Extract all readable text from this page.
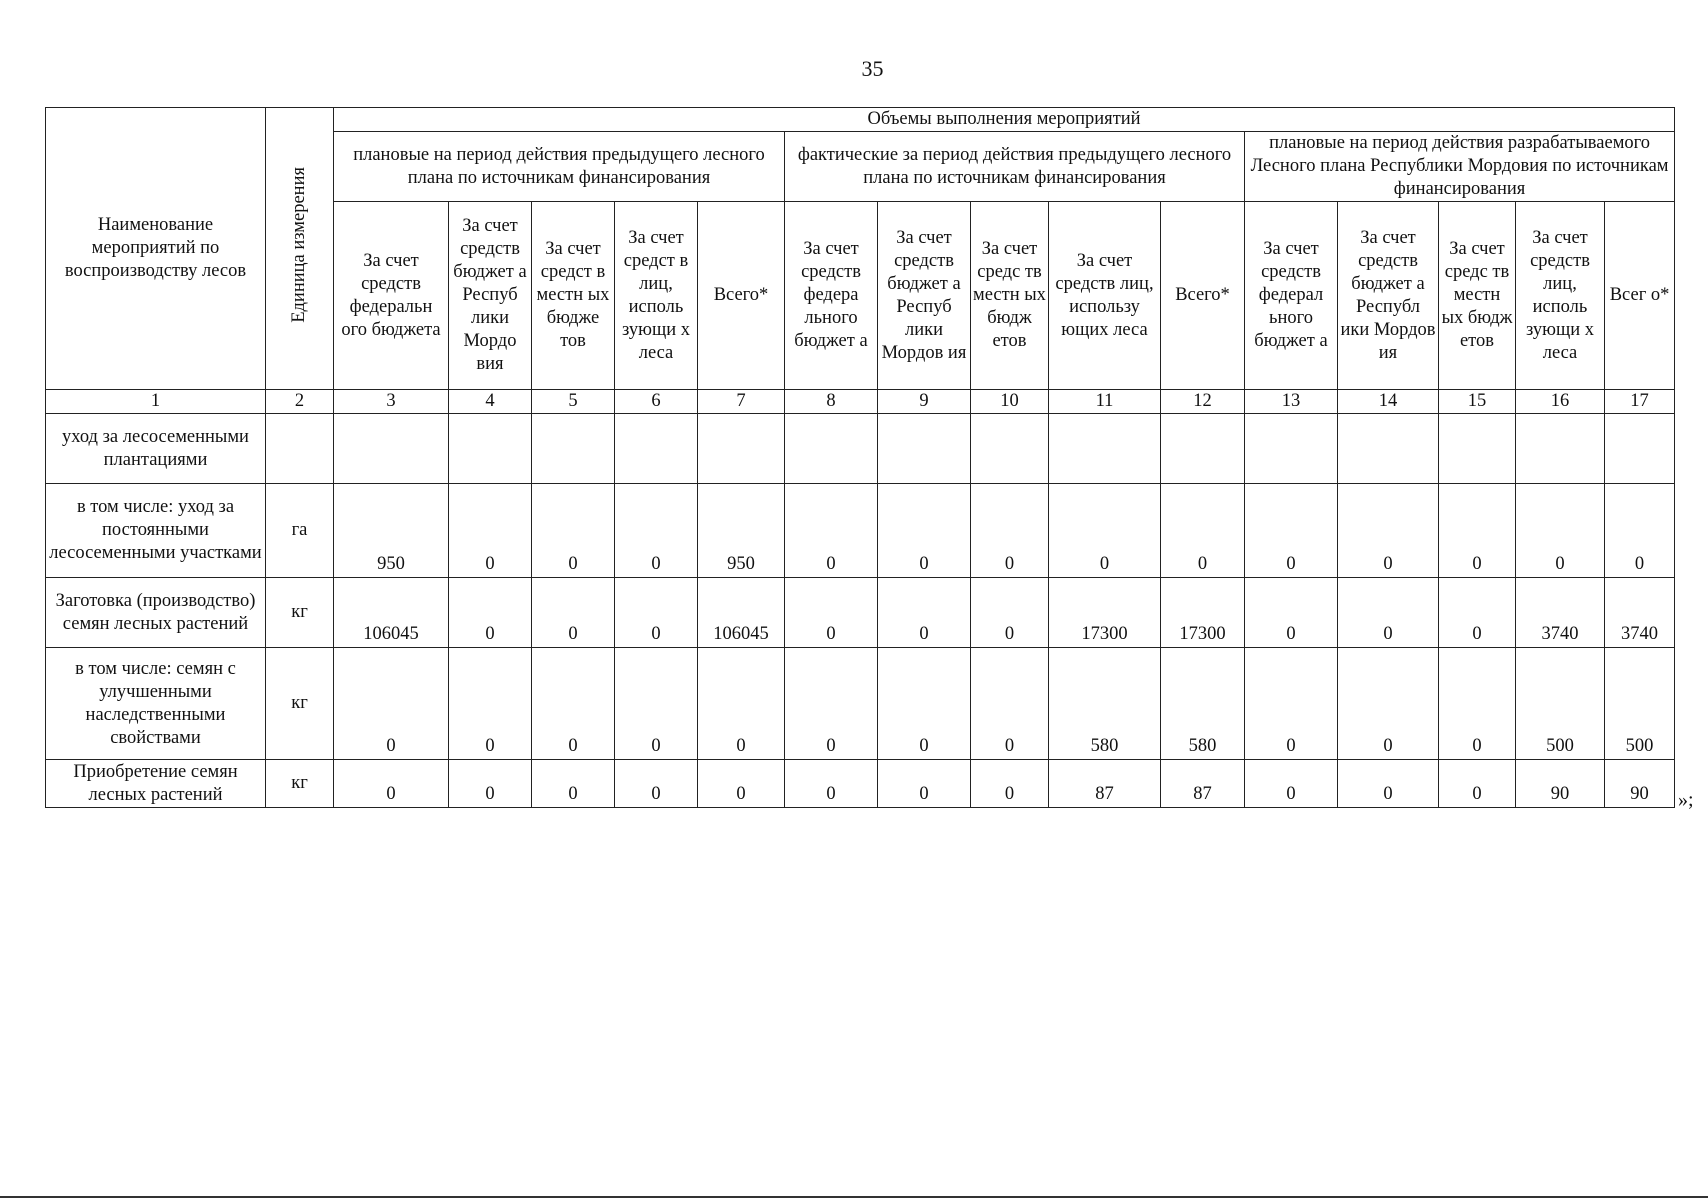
35
Наименование мероприятий по воспроизводству лесов	Единица измерения	Объемы выполнения мероприятий														
		плановые на период действия предыдущего лесного плана по источникам финансирования					фактические за период действия предыдущего лесного плана по источникам финансирования					плановые на период действия разрабатываемого Лесного плана Республики Мордовия по источникам финансирования				
		За счет средств федеральн ого бюджета	За счет средств бюджет а Респуб лики Мордо вия	За счет средст в местн ых бюдже тов	За счет средст в лиц, исполь зующи х леса	Всего*	За счет средств федера льного бюджет а	За счет средств бюджет а Респуб лики Мордов ия	За счет средс тв местн ых бюдж етов	За счет средств лиц, использу ющих леса	Всего*	За счет средств федерал ьного бюджет а	За счет средств бюджет а Республ ики Мордов ия	За счет средс тв местн ых бюдж етов	За счет средств лиц, исполь зующи х леса	Всег о*
1	2	3	4	5	6	7	8	9	10	11	12	13	14	15	16	17
уход за лесосеменными плантациями																
в том числе: уход за постоянными лесосеменными участками	га	950	0	0	0	950	0	0	0	0	0	0	0	0	0	0
Заготовка (производство) семян лесных растений	кг	106045	0	0	0	106045	0	0	0	17300	17300	0	0	0	3740	3740
в том числе: семян с улучшенными наследственными свойствами	кг	0	0	0	0	0	0	0	0	580	580	0	0	0	500	500
Приобретение семян лесных растений	кг	0	0	0	0	0	0	0	0	87	87	0	0	0	90	90 »;
